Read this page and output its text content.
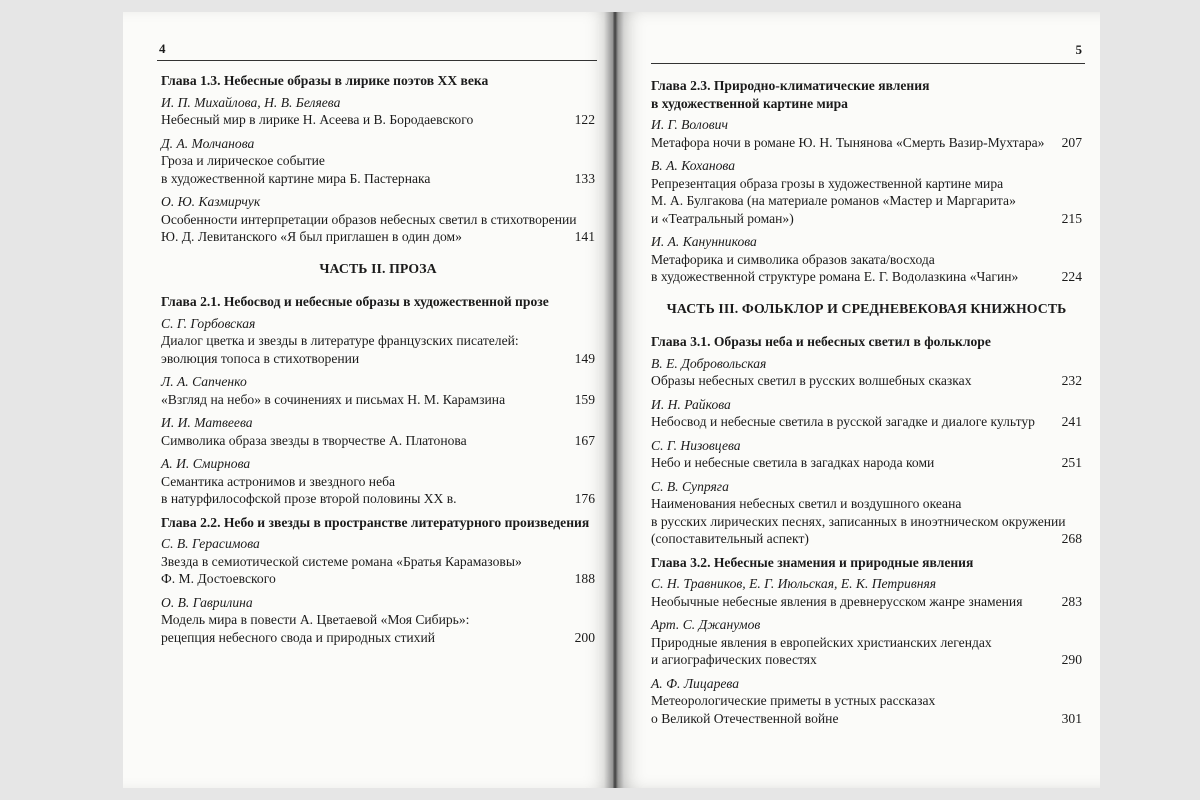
4
Глава 1.3. Небесные образы в лирике поэтов XX века
И. П. Михайлова, Н. В. Беляева
Небесный мир в лирике Н. Асеева и В. Бородаевского	122
Д. А. Молчанова
Гроза и лирическое событие
в художественной картине мира Б. Пастернака	133
О. Ю. Казмирчук
Особенности интерпретации образов небесных светил в стихотворении
Ю. Д. Левитанского «Я был приглашен в один дом»	141
ЧАСТЬ II. ПРОЗА
Глава 2.1. Небосвод и небесные образы в художественной прозе
С. Г. Горбовская
Диалог цветка и звезды в литературе французских писателей:
эволюция топоса в стихотворении	149
Л. А. Сапченко
«Взгляд на небо» в сочинениях и письмах Н. М. Карамзина	159
И. И. Матвеева
Символика образа звезды в творчестве А. Платонова	167
А. И. Смирнова
Семантика астронимов и звездного неба
в натурфилософской прозе второй половины XX в.	176
Глава 2.2. Небо и звезды в пространстве литературного произведения
С. В. Герасимова
Звезда в семиотической системе романа «Братья Карамазовы»
Ф. М. Достоевского	188
О. В. Гаврилина
Модель мира в повести А. Цветаевой «Моя Сибирь»:
рецепция небесного свода и природных стихий	200
5
Глава 2.3. Природно-климатические явления
в художественной картине мира
И. Г. Волович
Метафора ночи в романе Ю. Н. Тынянова «Смерть Вазир-Мухтара»	207
В. А. Коханова
Репрезентация образа грозы в художественной картине мира
М. А. Булгакова (на материале романов «Мастер и Маргарита»
и «Театральный роман»)	215
И. А. Канунникова
Метафорика и символика образов заката/восхода
в художественной структуре романа Е. Г. Водолазкина «Чагин»	224
ЧАСТЬ III. ФОЛЬКЛОР И СРЕДНЕВЕКОВАЯ КНИЖНОСТЬ
Глава 3.1. Образы неба и небесных светил в фольклоре
В. Е. Добровольская
Образы небесных светил в русских волшебных сказках	232
И. Н. Райкова
Небосвод и небесные светила в русской загадке и диалоге культур	241
С. Г. Низовцева
Небо и небесные светила в загадках народа коми	251
С. В. Супряга
Наименования небесных светил и воздушного океана
в русских лирических песнях, записанных в иноэтническом окружении
(сопоставительный аспект)	268
Глава 3.2. Небесные знамения и природные явления
С. Н. Травников, Е. Г. Июльская, Е. К. Петривняя
Необычные небесные явления в древнерусском жанре знамения	283
Арт. С. Джанумов
Природные явления в европейских христианских легендах
и агиографических повестях	290
А. Ф. Лицарева
Метеорологические приметы в устных рассказах
о Великой Отечественной войне	301
